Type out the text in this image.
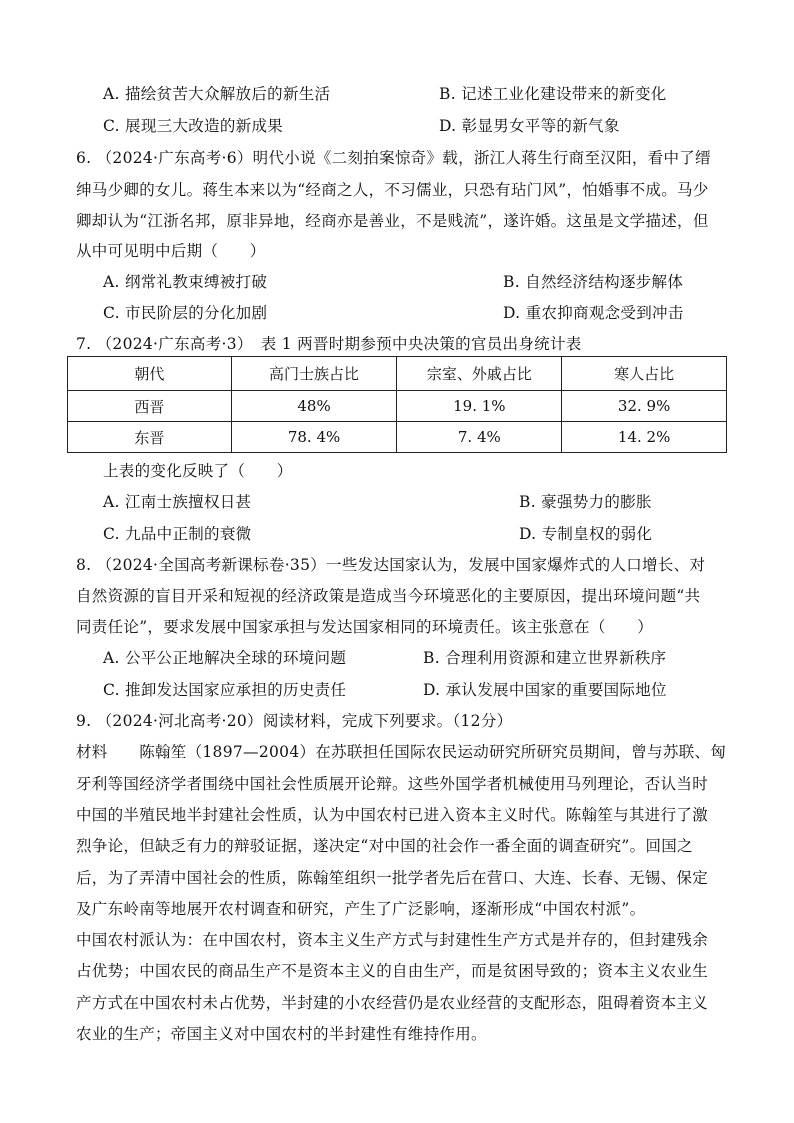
A. 描绘贫苦大众解放后的新生活	B. 记述工业化建设带来的新变化
C. 展现三大改造的新成果	D. 彰显男女平等的新气象
6. （2024·广东高考·6）明代小说《二刻拍案惊奇》载，浙江人蒋生行商至汉阳，看中了缙
绅马少卿的女儿。蒋生本来以为“经商之人，不习儒业，只恐有玷门风”，怕婚事不成。马少
卿却认为“江浙名邦，原非异地，经商亦是善业，不是贱流”，遂许婚。这虽是文学描述，但
从中可见明中后期（　　）
A. 纲常礼教束缚被打破	B. 自然经济结构逐步解体
C. 市民阶层的分化加剧	D. 重农抑商观念受到冲击
7. （2024·广东高考·3）　表 1 两晋时期参预中央决策的官员出身统计表
朝代	高门士族占比	宗室、外戚占比	寒人占比
西晋	48%	19. 1%	32. 9%
东晋	78. 4%	7. 4%	14. 2%
上表的变化反映了（　　）
A. 江南士族擅权日甚	B. 豪强势力的膨胀
C. 九品中正制的衰微	D. 专制皇权的弱化
8. （2024·全国高考新课标卷·35）一些发达国家认为，发展中国家爆炸式的人口增长、对
自然资源的盲目开采和短视的经济政策是造成当今环境恶化的主要原因，提出环境问题“共
同责任论”，要求发展中国家承担与发达国家相同的环境责任。该主张意在（　　）
A. 公平公正地解决全球的环境问题	B. 合理利用资源和建立世界新秩序
C. 推卸发达国家应承担的历史责任	D. 承认发展中国家的重要国际地位
9. （2024·河北高考·20）阅读材料，完成下列要求。（12分）
材料　　陈翰笙（1897—2004）在苏联担任国际农民运动研究所研究员期间，曾与苏联、匈
牙利等国经济学者围绕中国社会性质展开论辩。这些外国学者机械使用马列理论，否认当时
中国的半殖民地半封建社会性质，认为中国农村已进入资本主义时代。陈翰笙与其进行了激
烈争论，但缺乏有力的辩驳证据，遂决定“对中国的社会作一番全面的调查研究”。回国之
后，为了弄清中国社会的性质，陈翰笙组织一批学者先后在营口、大连、长春、无锡、保定
及广东岭南等地展开农村调查和研究，产生了广泛影响，逐渐形成“中国农村派”。
中国农村派认为：在中国农村，资本主义生产方式与封建性生产方式是并存的，但封建残余
占优势；中国农民的商品生产不是资本主义的自由生产，而是贫困导致的；资本主义农业生
产方式在中国农村未占优势，半封建的小农经营仍是农业经营的支配形态，阻碍着资本主义
农业的生产；帝国主义对中国农村的半封建性有维持作用。
